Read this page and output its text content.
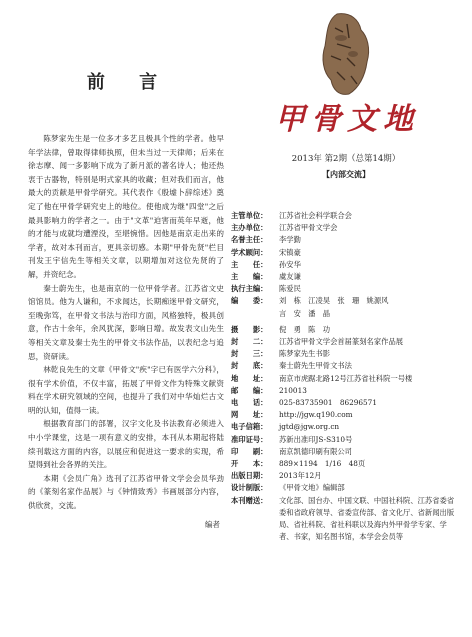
前 言

陈梦家先生是一位多才多艺且极具个性的学者。他早年学法律，曾取得律师执照，但未当过一天律师；后来在徐志摩、闻一多影响下成为了新月派的著名诗人；他还热衷于古器物，特别是明式家具的收藏；但对我们而言，他最大的贡献是甲骨学研究。其代表作《殷墟卜辞综述》奠定了他在甲骨学研究史上的地位。使他成为继"四堂"之后最具影响力的学者之一。由于"文革"迫害而英年早逝，他的才能与成就均遭湮没，至堪惋惜。因他是南京走出来的学者，故对本刊而言，更具亲切感。本期"甲骨先贤"栏目刊发王宇信先生等相关文章，以期增加对这位先贤的了解，并资纪念。

秦士蔚先生，也是南京的一位甲骨学者。江苏省文史馆馆员。他为人谦和，不求闻达，长期痴迷甲骨文研究，至晚弥笃，在甲骨文书法与治印方面，风格独特，极具创意，作古十余年，余风犹深，影响日增。故发表文山先生等相关文章及秦士先生的甲骨文书法作品，以表纪念与追思，资研读。

林乾良先生的文章《甲骨文"疾"字已有医学六分科》，很有学术价值，不仅丰富，拓展了甲骨文作为特殊文献资料在学术研究领域的空间，也提升了我们对中华灿烂古文明的认知，值得一读。

根据教育部门的部署，汉字文化及书法教育必须进入中小学课堂，这是一项有意义的安排，本刊从本期起将陆续刊载这方面的内容，以展应和促进这一要求的实现，希望得到社会各界的关注。

本期《会员广角》选刊了江苏省甲骨文学会会员华劲的《篆刻名家作品展》与《钟情致秀》书画展部分内容，供欣赏，交流。

编者
甲骨文地
2013年 第2期（总第14期）
【内部交流】
主管单位：	江苏省社会科学联合会
主办单位：	江苏省甲骨文学会
名誉主任：	李学勤
学术顾问：	宋镇豪
主　　任：	孙安华
主　　编：	虞友谦
执行主编：	陈爱民
编　　委：	刘　栋　江凌昊　张　珊　姚源风
言　安　潘　晶
摄　　影：	倪　勇　陈　功
封　　二：	江苏省甲骨文学会首届篆刻名家作品展
封　　三：	陈梦家先生书影
封　　底：	秦士蔚先生甲骨文书法
地　　址：	南京市虎踞北路12号江苏省社科院一号楼
邮　　编：	210013
电　　话：	025-83735901　86296571
网　　址：	http://jgw.q190.com
电子信箱：	jgtd@jgw.org.cn
准印证号：	苏新出准印JS-S310号
印　　刷：	南京凯德印刷有限公司
开　　本：	889×1194　1/16　48页
出版日期：	2013年12月
设计制版：	《甲骨文地》编辑部
本刊赠送：	文化部、国台办、中国文联、中国社科院、江苏省委省委和省政府领导、省委宣传部、省文化厅、省新闻出版局、省社科院、省社科联以及海内外甲骨学专家、学者、书家，知名图书馆，本学会会员等
